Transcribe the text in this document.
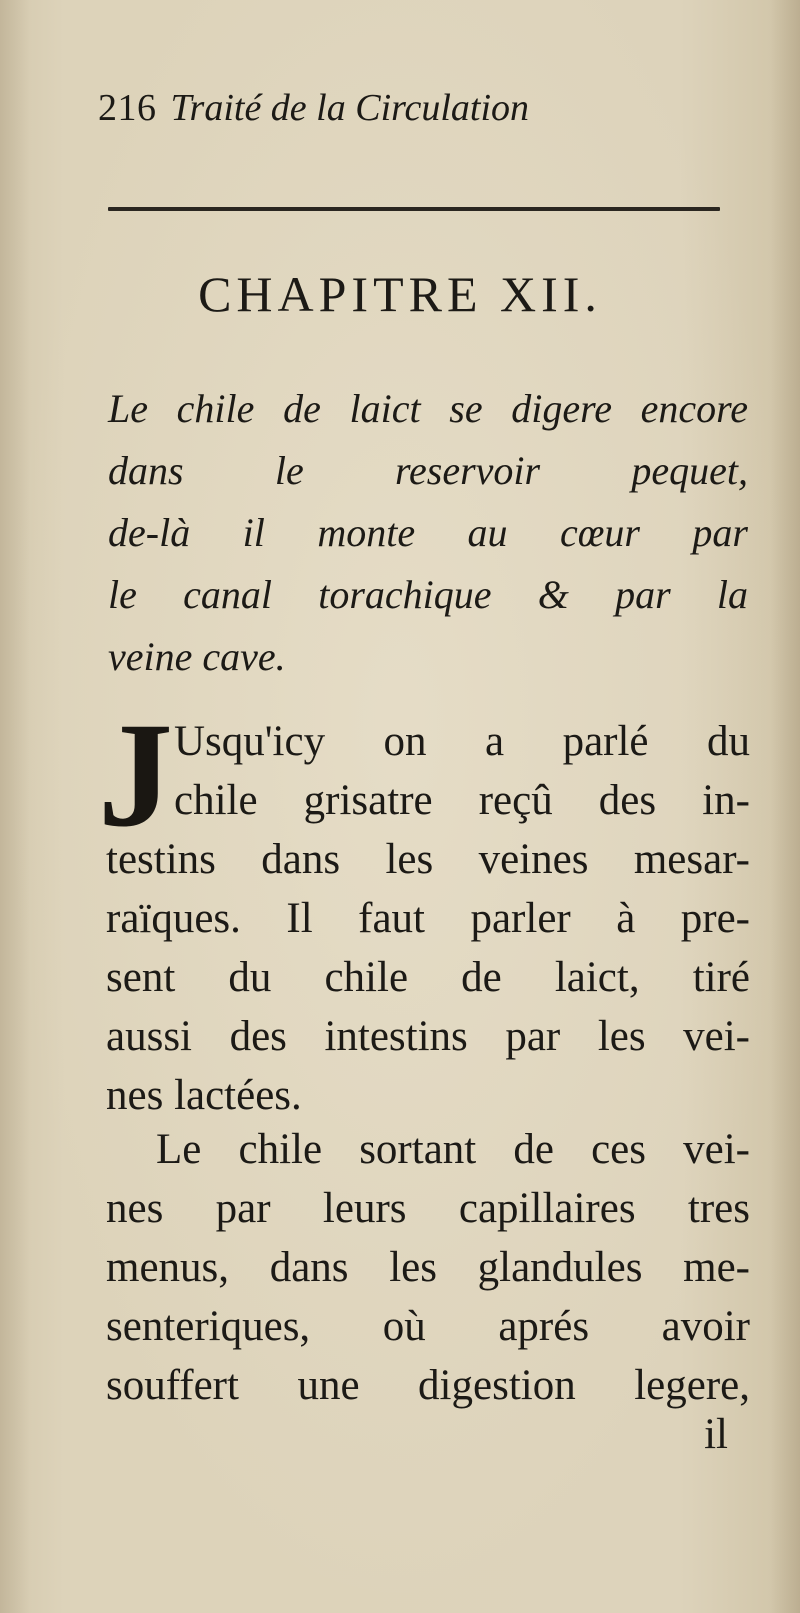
216 Traité de la Circulation
CHAPITRE XII.

Le chile de laict se digere encore
dans le reservoir pequet,
de-là il monte au cœur par
le canal torachique & par la
veine cave.

J Usqu'icy on a parlé du
chile grisatre reçû des in-
testins dans les veines mesar-
raïques. Il faut parler à pre-
sent du chile de laict, tiré
aussi des intestins par les vei-
nes lactées.

Le chile sortant de ces vei-
nes par leurs capillaires tres
menus, dans les glandules me-
senteriques, où aprés avoir
souffert une digestion legere,

il
